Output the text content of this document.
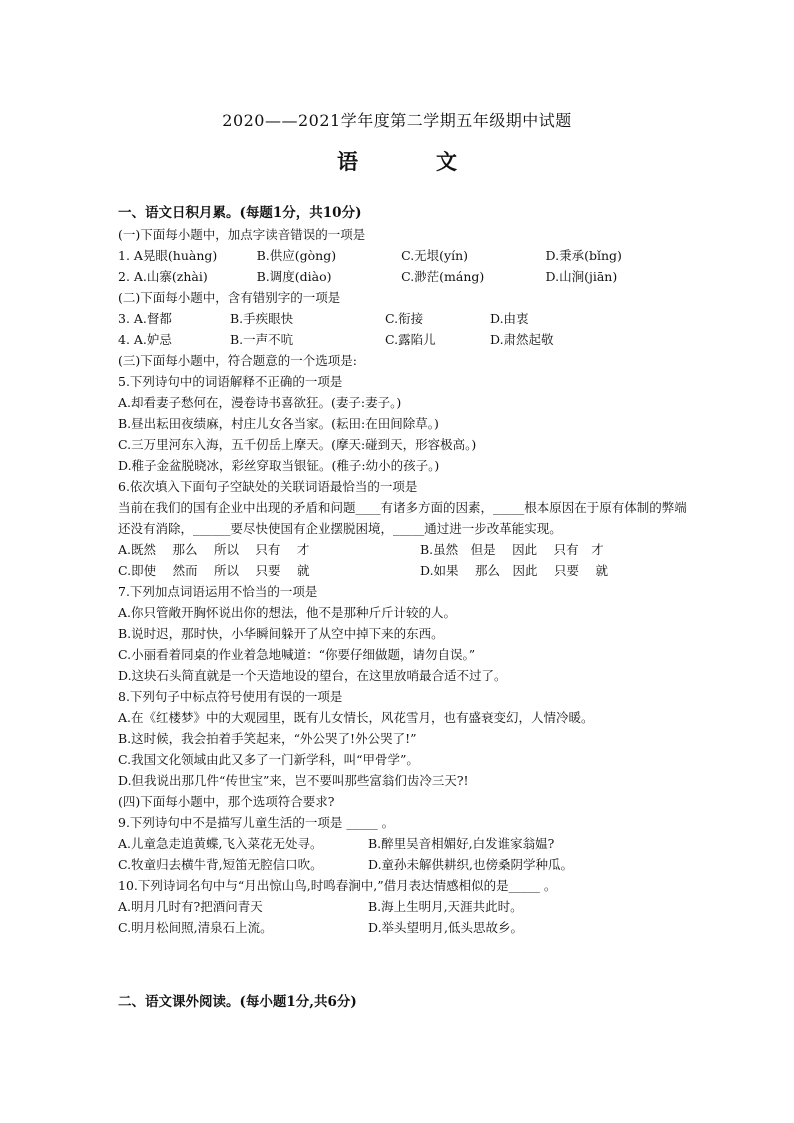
2020——2021学年度第二学期五年级期中试题
语	文
一、语文日积月累。(每题1分，共10分)
(一)下面每小题中，加点字读音错误的一项是
1. A晃眼(huàng)	B.供应(gòng)	C.无垠(yín)	D.秉承(bǐng)
2. A.山寨(zhài)	B.调度(diào)	C.渺茫(máng)	D.山涧(jiān)
(二)下面每小题中，含有错别字的一项是
3. A.督都	B.手疾眼快	C.衔接	D.由衷
4. A.妒忌	B.一声不吭	C.露陷儿	D.肃然起敬
(三)下面每小题中，符合题意的一个选项是:
5.下列诗句中的词语解释不正确的一项是
A.却看妻子愁何在，漫卷诗书喜欲狂。(妻子:妻子。)
B.昼出耘田夜绩麻，村庄儿女各当家。(耘田:在田间除草。)
C.三万里河东入海，五千仞岳上摩天。(摩天:碰到天，形容极高。)
D.稚子金盆脱晓冰，彩丝穿取当银钲。(稚子:幼小的孩子。)
6.依次填入下面句子空缺处的关联词语最恰当的一项是
当前在我们的国有企业中出现的矛盾和问题____有诸多方面的因素，_____根本原因在于原有体制的弊端还没有消除，______要尽快使国有企业摆脱困境，_____通过进一步改革能实现。
A.既然　 那么　 所以　 只有　 才	B.虽然　但是　 因此　 只有　才
C.即使　 然而　 所以　 只要　 就	D.如果　 那么　因此　 只要　 就
7.下列加点词语运用不恰当的一项是
A.你只管敞开胸怀说出你的想法，他不是那种斤斤计较的人。
B.说时迟，那时快，小华瞬间躲开了从空中掉下来的东西。
C.小丽看着同桌的作业着急地喊道：“你要仔细做题，请勿自误。”
D.这块石头简直就是一个天造地设的望台，在这里放哨最合适不过了。
8.下列句子中标点符号使用有误的一项是
A.在《红楼梦》中的大观园里，既有儿女情长，风花雪月，也有盛衰变幻，人情冷暖。
B.这时候，我会拍着手笑起来，“外公哭了!外公哭了!”
C.我国文化领域由此又多了一门新学科，叫“甲骨学”。
D.但我说出那几件“传世宝”来，岂不要叫那些富翁们齿冷三天?!
(四)下面每小题中，那个选项符合要求?
9.下列诗句中不是描写儿童生活的一项是 _____ 。
A.儿童急走追黄蝶,飞入菜花无处寻。	B.醉里吴音相媚好,白发谁家翁媪?
C.牧童归去横牛背,短笛无腔信口吹。	D.童孙未解供耕织,也傍桑阴学种瓜。
10.下列诗词名句中与“月出惊山鸟,时鸣春涧中,”借月表达情感相似的是_____ 。
A.明月几时有?把酒问青天	B.海上生明月,天涯共此时。
C.明月松间照,清泉石上流。	D.举头望明月,低头思故乡。
二、语文课外阅读。(每小题1分,共6分)
